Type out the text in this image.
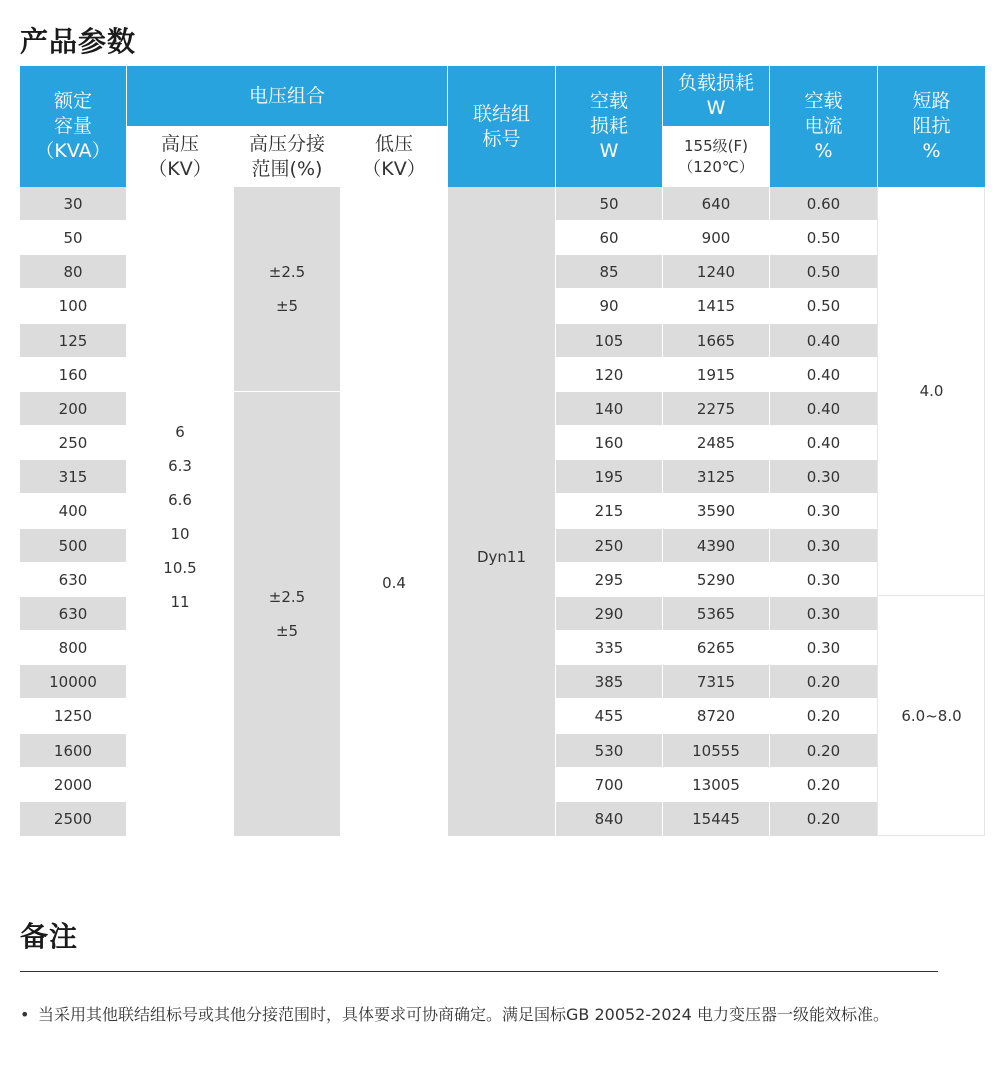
产品参数
额定
容量
（KVA）
电压组合
高压
（KV）
高压分接
范围(%)
低压
（KV）
联结组
标号
空载
损耗
W
负载损耗
W
155级(F)
（120℃）
空载
电流
%
短路
阻抗
%
6
6.3
6.6
10
10.5
11
±2.5
±5
±2.5
±5
0.4
Dyn11
4.0
6.0~8.0
30
50
80
100
125
160
200
250
315
400
500
630
630
800
10000
1250
1600
2000
2500
50
60
85
90
105
120
140
160
195
215
250
295
290
335
385
455
530
700
840
640
900
1240
1415
1665
1915
2275
2485
3125
3590
4390
5290
5365
6265
7315
8720
10555
13005
15445
0.60
0.50
0.50
0.50
0.40
0.40
0.40
0.40
0.30
0.30
0.30
0.30
0.30
0.30
0.20
0.20
0.20
0.20
0.20
备注
• 当采用其他联结组标号或其他分接范围时，具体要求可协商确定。满足国标GB 20052-2024 电力变压器一级能效标准。
